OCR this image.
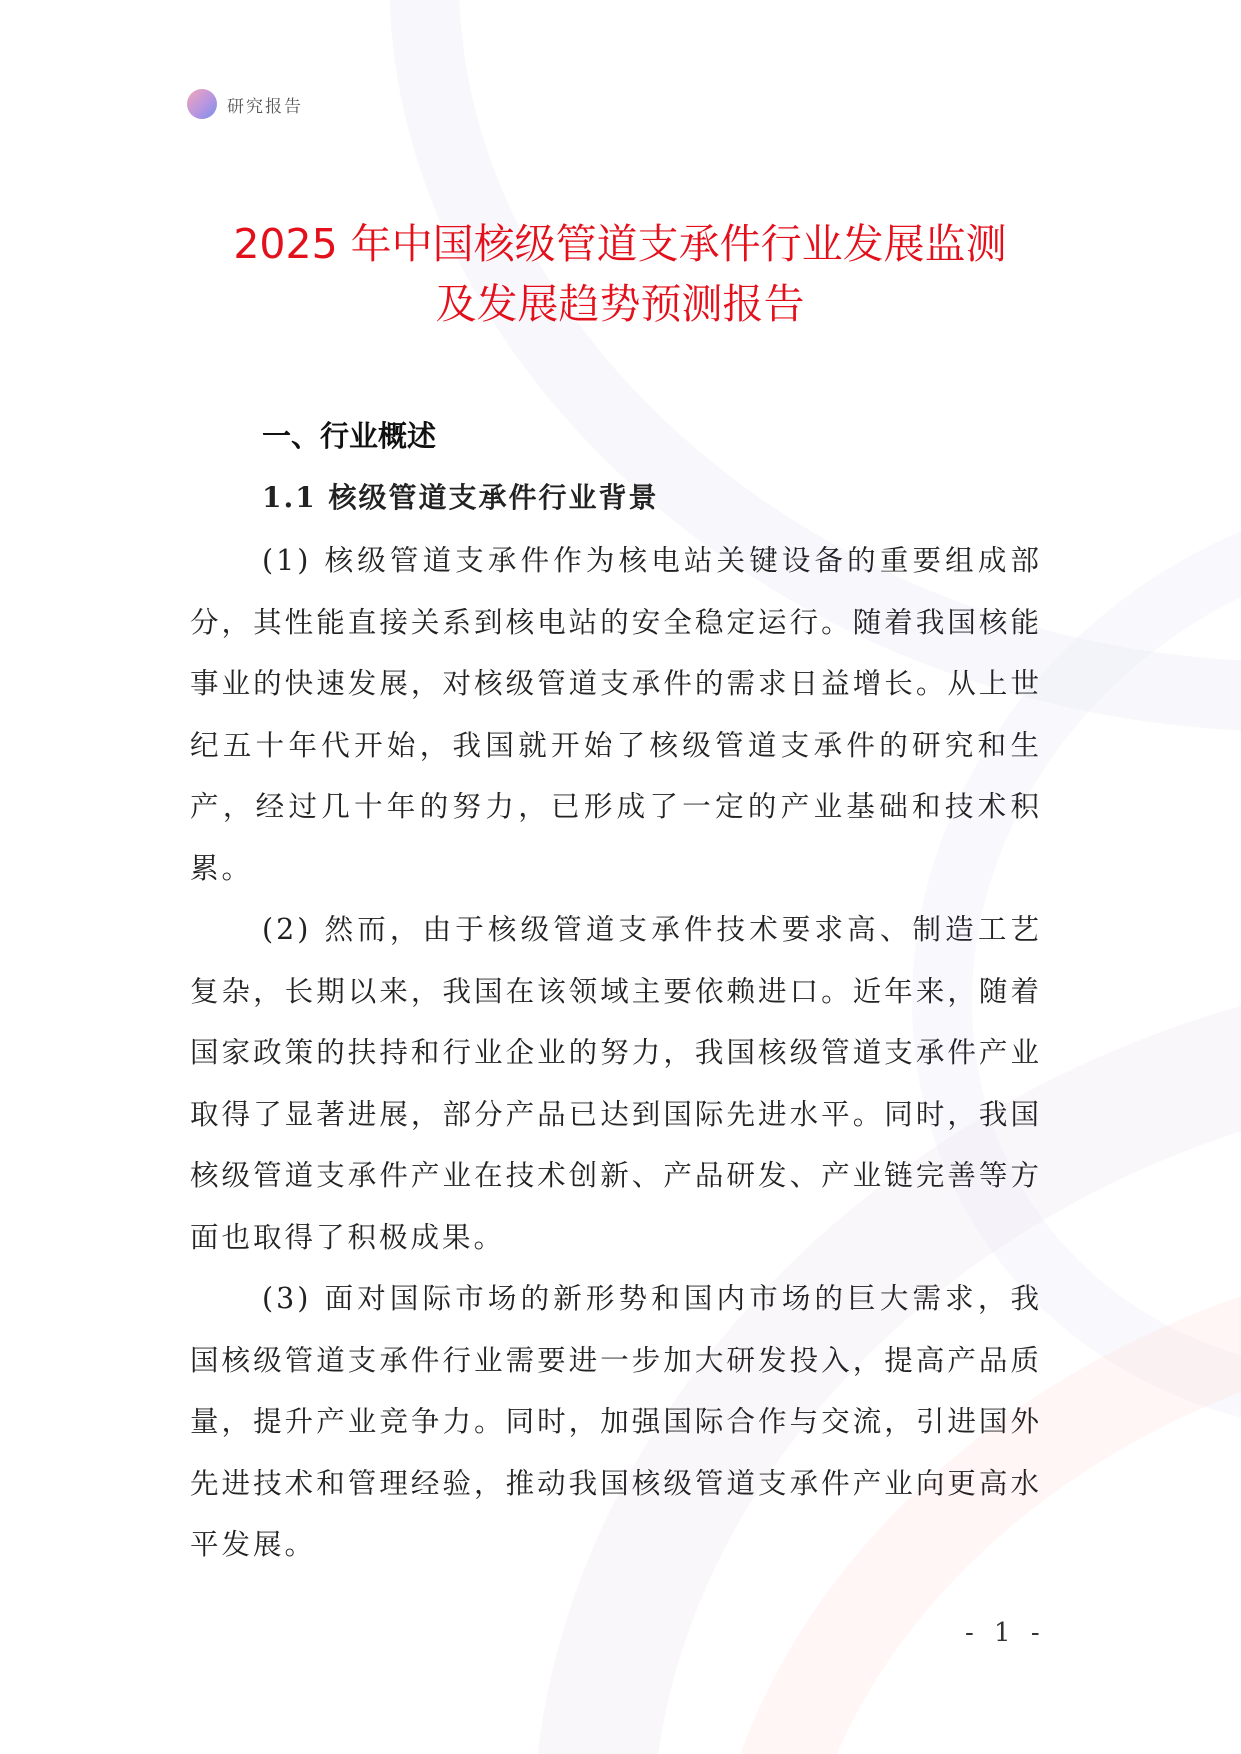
研究报告
2025 年中国核级管道支承件行业发展监测
及发展趋势预测报告
一、行业概述
1.1 核级管道支承件行业背景

(1) 核级管道支承件作为核电站关键设备的重要组成部分，其性能直接关系到核电站的安全稳定运行。随着我国核能事业的快速发展，对核级管道支承件的需求日益增长。从上世纪五十年代开始，我国就开始了核级管道支承件的研究和生产，经过几十年的努力，已形成了一定的产业基础和技术积累。

(2) 然而，由于核级管道支承件技术要求高、制造工艺复杂，长期以来，我国在该领域主要依赖进口。近年来，随着国家政策的扶持和行业企业的努力，我国核级管道支承件产业取得了显著进展，部分产品已达到国际先进水平。同时，我国核级管道支承件产业在技术创新、产品研发、产业链完善等方面也取得了积极成果。

(3) 面对国际市场的新形势和国内市场的巨大需求，我国核级管道支承件行业需要进一步加大研发投入，提高产品质量，提升产业竞争力。同时，加强国际合作与交流，引进国外先进技术和管理经验，推动我国核级管道支承件产业向更高水平发展。

- 1 -
